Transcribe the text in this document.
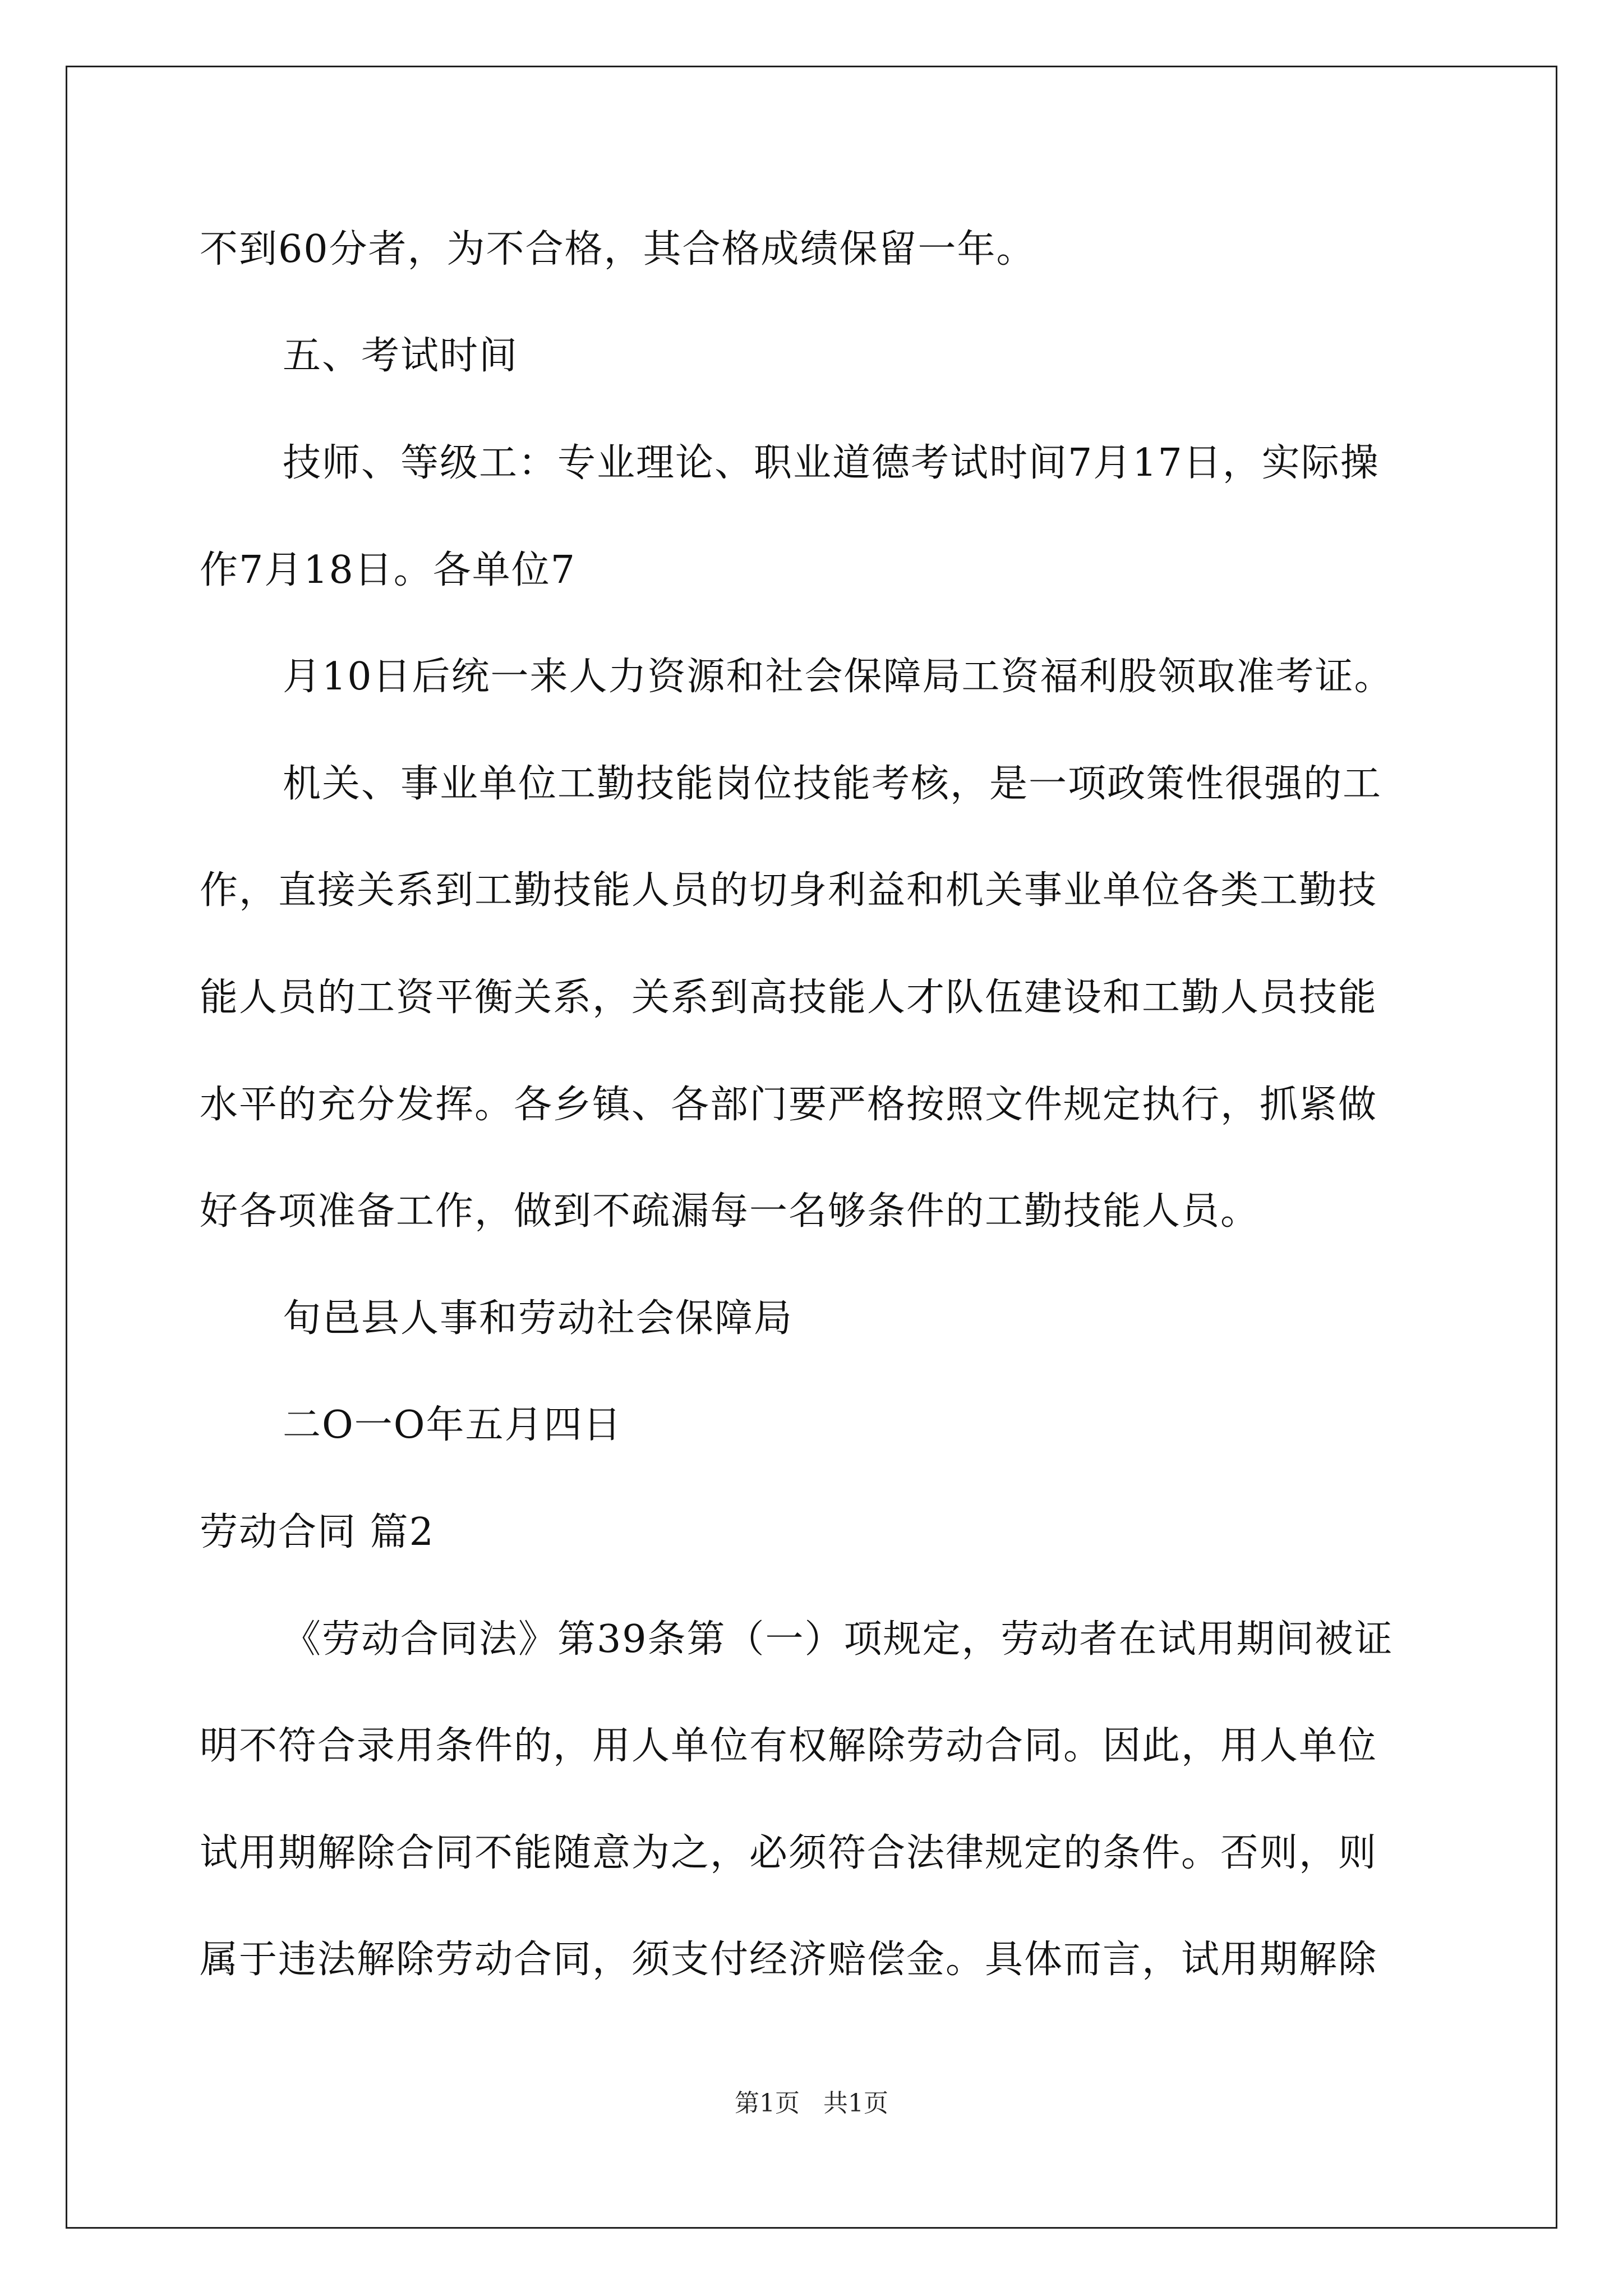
不到60分者，为不合格，其合格成绩保留一年。
五、考试时间
技师、等级工：专业理论、职业道德考试时间7月17日，实际操
作7月18日。各单位7
月10日后统一来人力资源和社会保障局工资福利股领取准考证。
机关、事业单位工勤技能岗位技能考核，是一项政策性很强的工
作，直接关系到工勤技能人员的切身利益和机关事业单位各类工勤技
能人员的工资平衡关系，关系到高技能人才队伍建设和工勤人员技能
水平的充分发挥。各乡镇、各部门要严格按照文件规定执行，抓紧做
好各项准备工作，做到不疏漏每一名够条件的工勤技能人员。
旬邑县人事和劳动社会保障局
二O一O年五月四日
劳动合同 篇2
《劳动合同法》第39条第（一）项规定，劳动者在试用期间被证
明不符合录用条件的，用人单位有权解除劳动合同。因此，用人单位
试用期解除合同不能随意为之，必须符合法律规定的条件。否则，则
属于违法解除劳动合同，须支付经济赔偿金。具体而言，试用期解除
第1页   共1页
